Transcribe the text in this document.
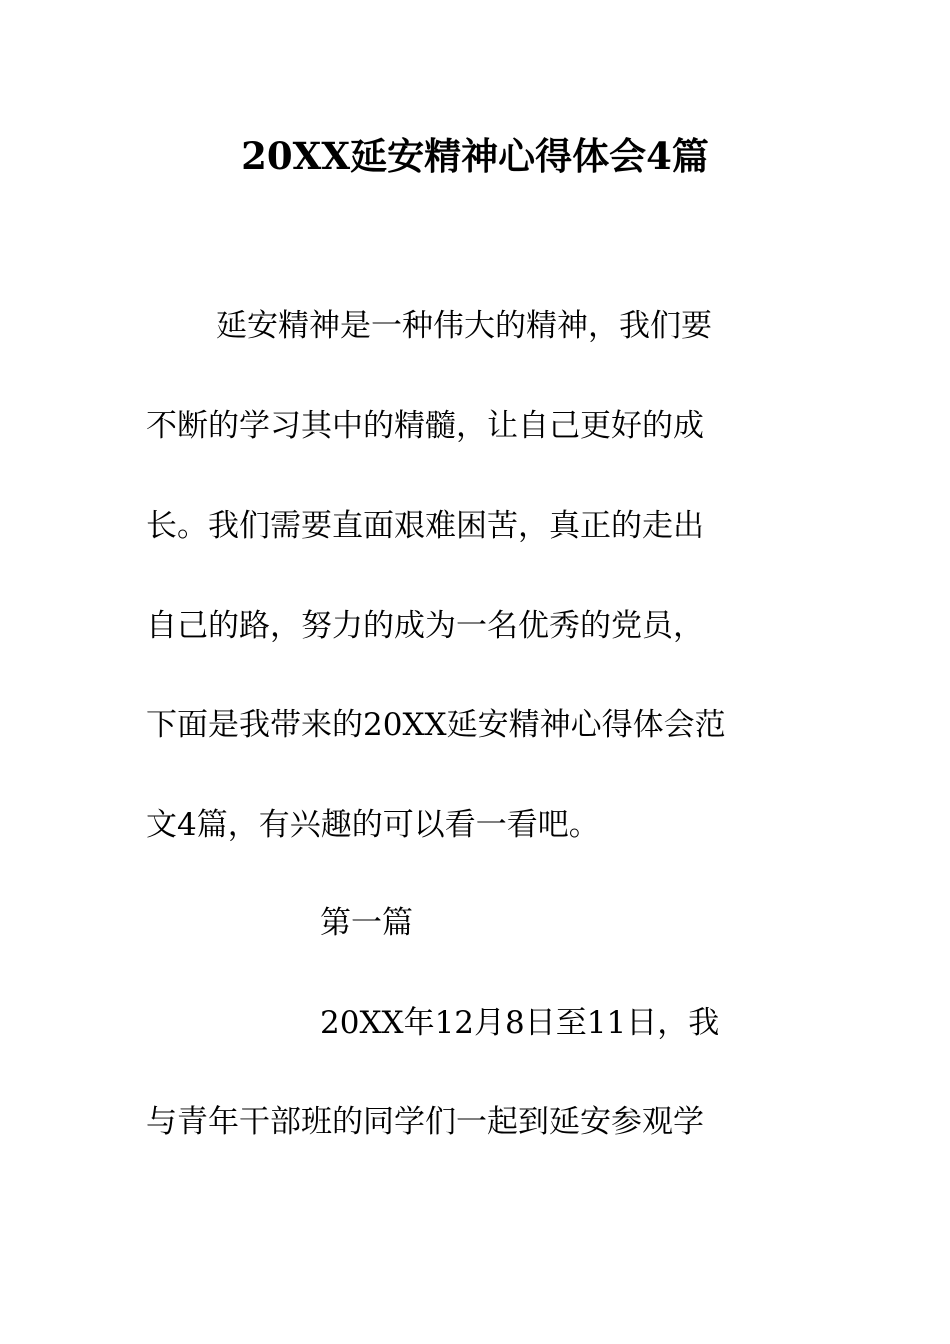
20XX延安精神心得体会4篇
延安精神是一种伟大的精神，我们要
不断的学习其中的精髓，让自己更好的成
长。我们需要直面艰难困苦，真正的走出
自己的路，努力的成为一名优秀的党员，
下面是我带来的20XX延安精神心得体会范
文4篇，有兴趣的可以看一看吧。
第一篇
20XX年12月8日至11日，我
与青年干部班的同学们一起到延安参观学
